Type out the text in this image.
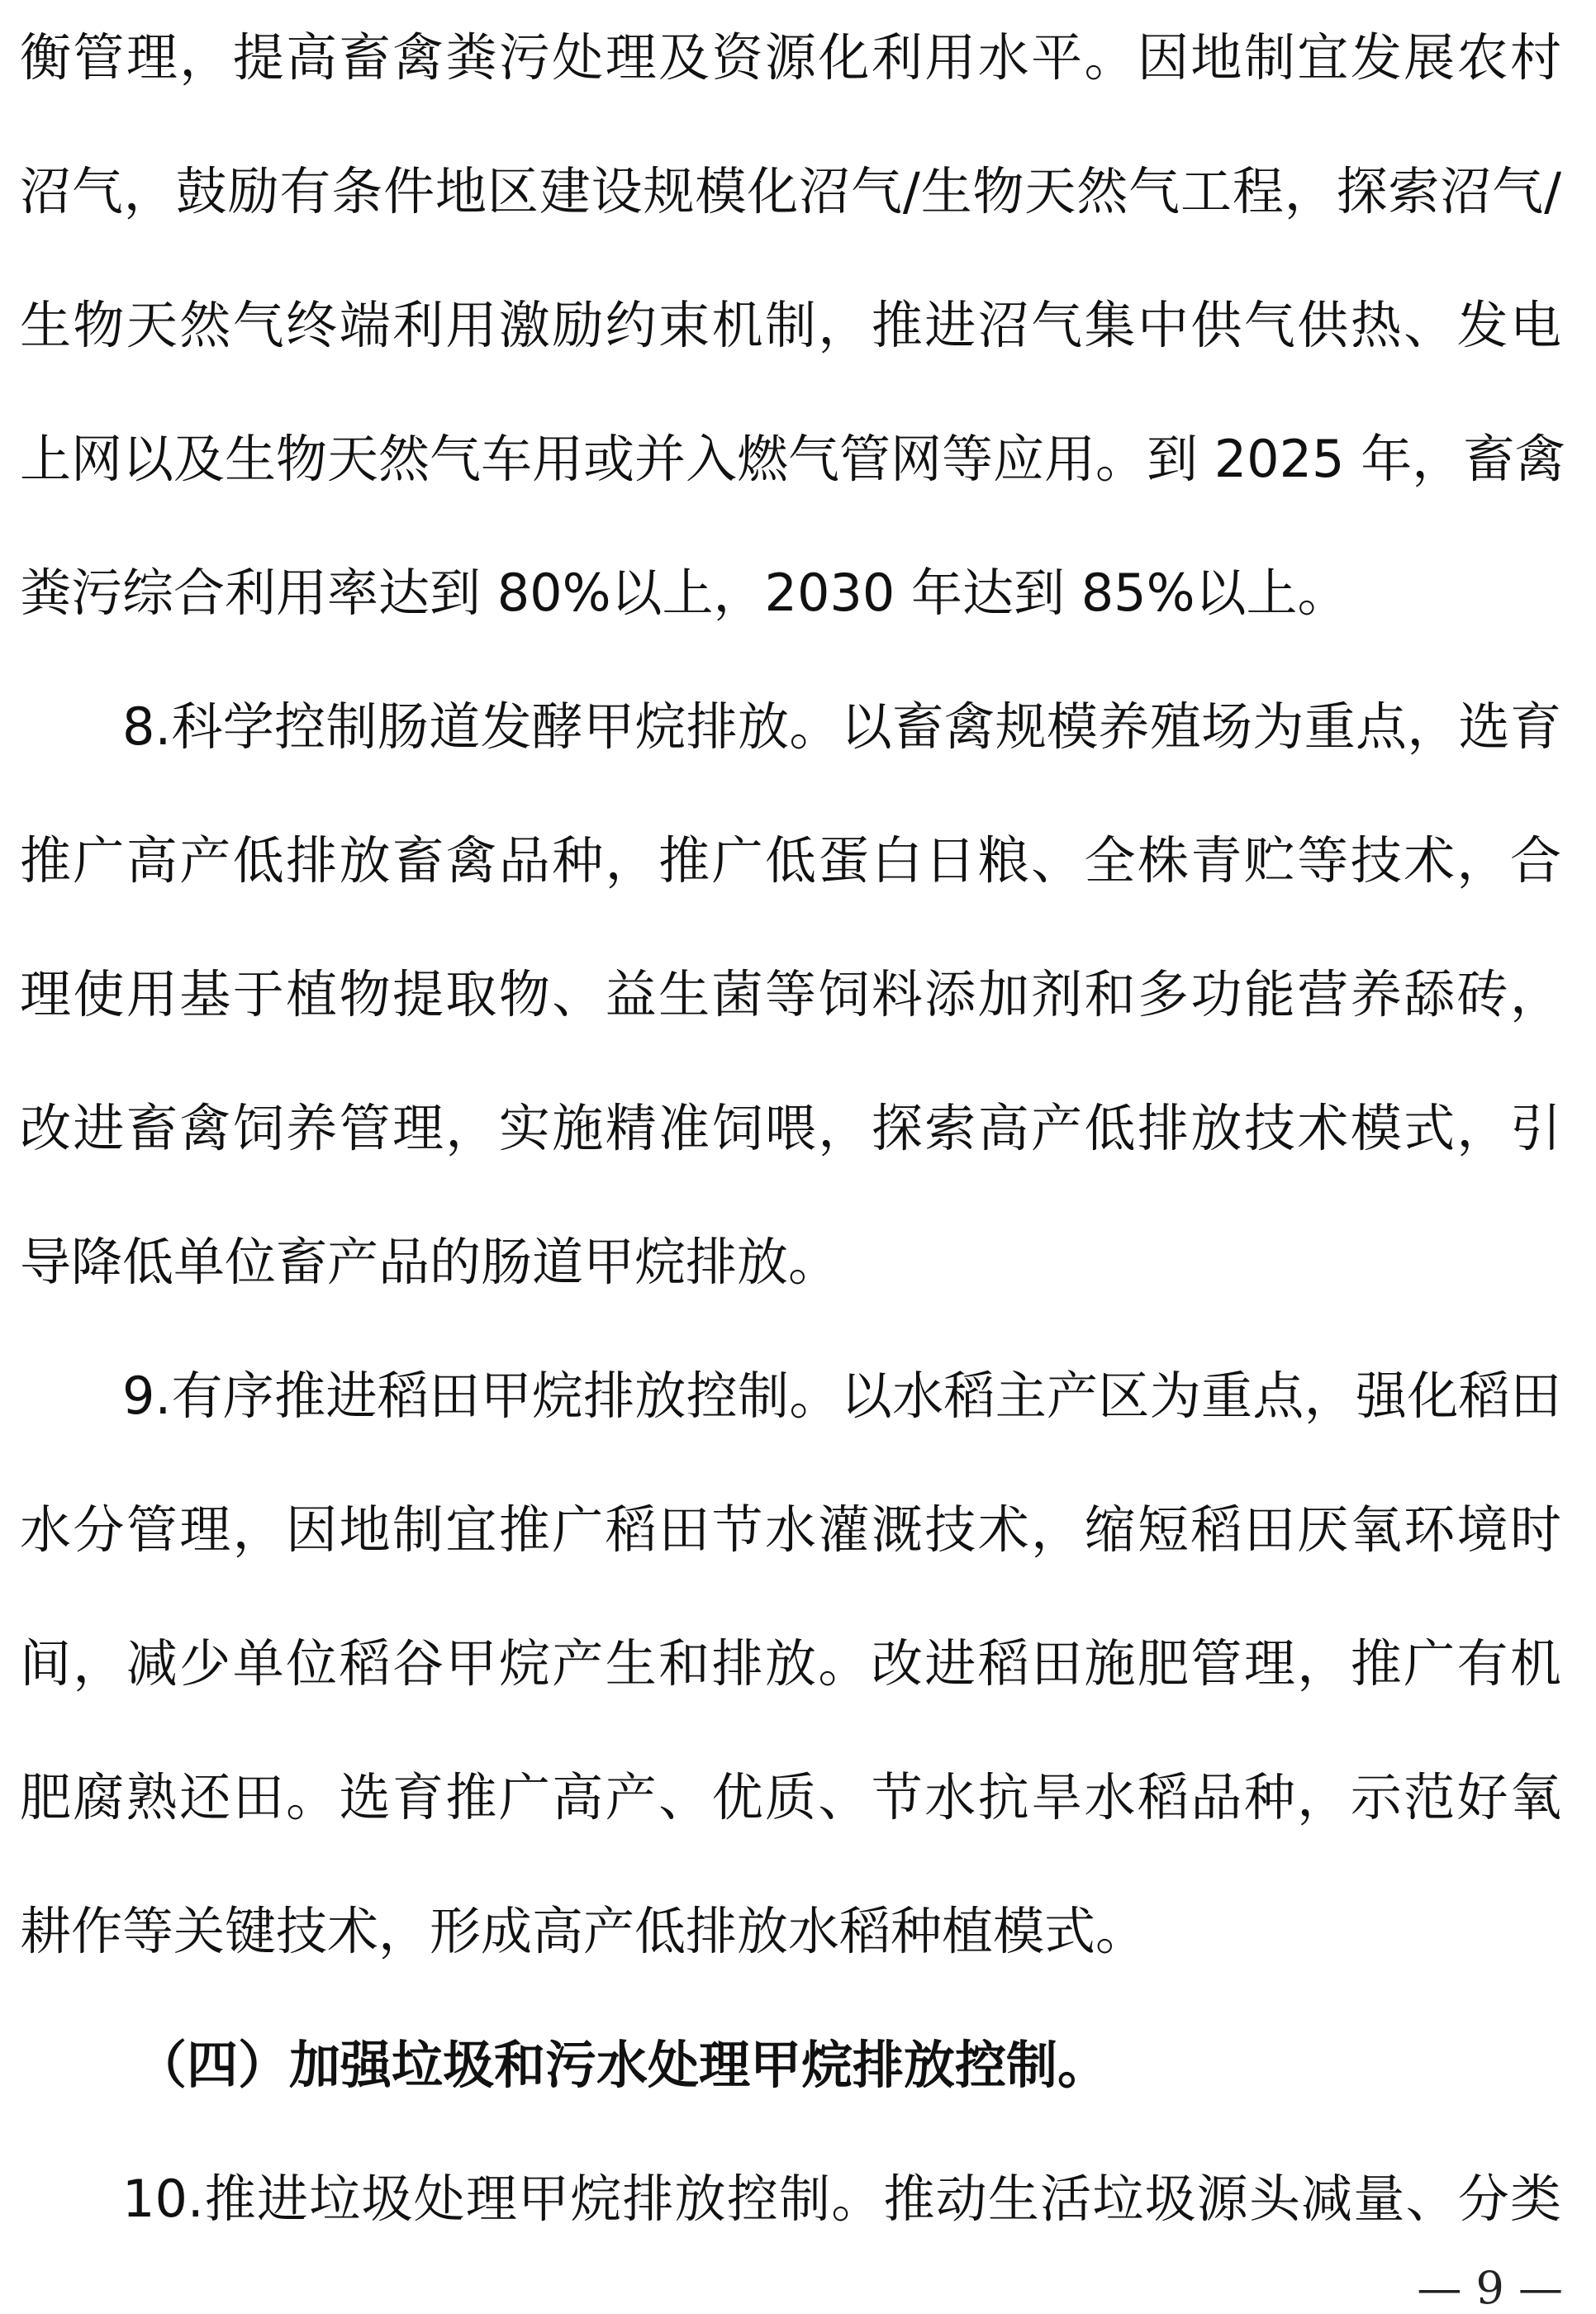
衡管理，提高畜禽粪污处理及资源化利用水平。因地制宜发展农村
沼气，鼓励有条件地区建设规模化沼气/生物天然气工程，探索沼气/
生物天然气终端利用激励约束机制，推进沼气集中供气供热、发电
上网以及生物天然气车用或并入燃气管网等应用。到 2025 年，畜禽
粪污综合利用率达到 80%以上，2030 年达到 85%以上。
8.科学控制肠道发酵甲烷排放。以畜禽规模养殖场为重点，选育
推广高产低排放畜禽品种，推广低蛋白日粮、全株青贮等技术，合
理使用基于植物提取物、益生菌等饲料添加剂和多功能营养舔砖，
改进畜禽饲养管理，实施精准饲喂，探索高产低排放技术模式，引
导降低单位畜产品的肠道甲烷排放。
9.有序推进稻田甲烷排放控制。以水稻主产区为重点，强化稻田
水分管理，因地制宜推广稻田节水灌溉技术，缩短稻田厌氧环境时
间，减少单位稻谷甲烷产生和排放。改进稻田施肥管理，推广有机
肥腐熟还田。选育推广高产、优质、节水抗旱水稻品种，示范好氧
耕作等关键技术，形成高产低排放水稻种植模式。
（四）加强垃圾和污水处理甲烷排放控制。
10.推进垃圾处理甲烷排放控制。推动生活垃圾源头减量、分类
— 9 —
